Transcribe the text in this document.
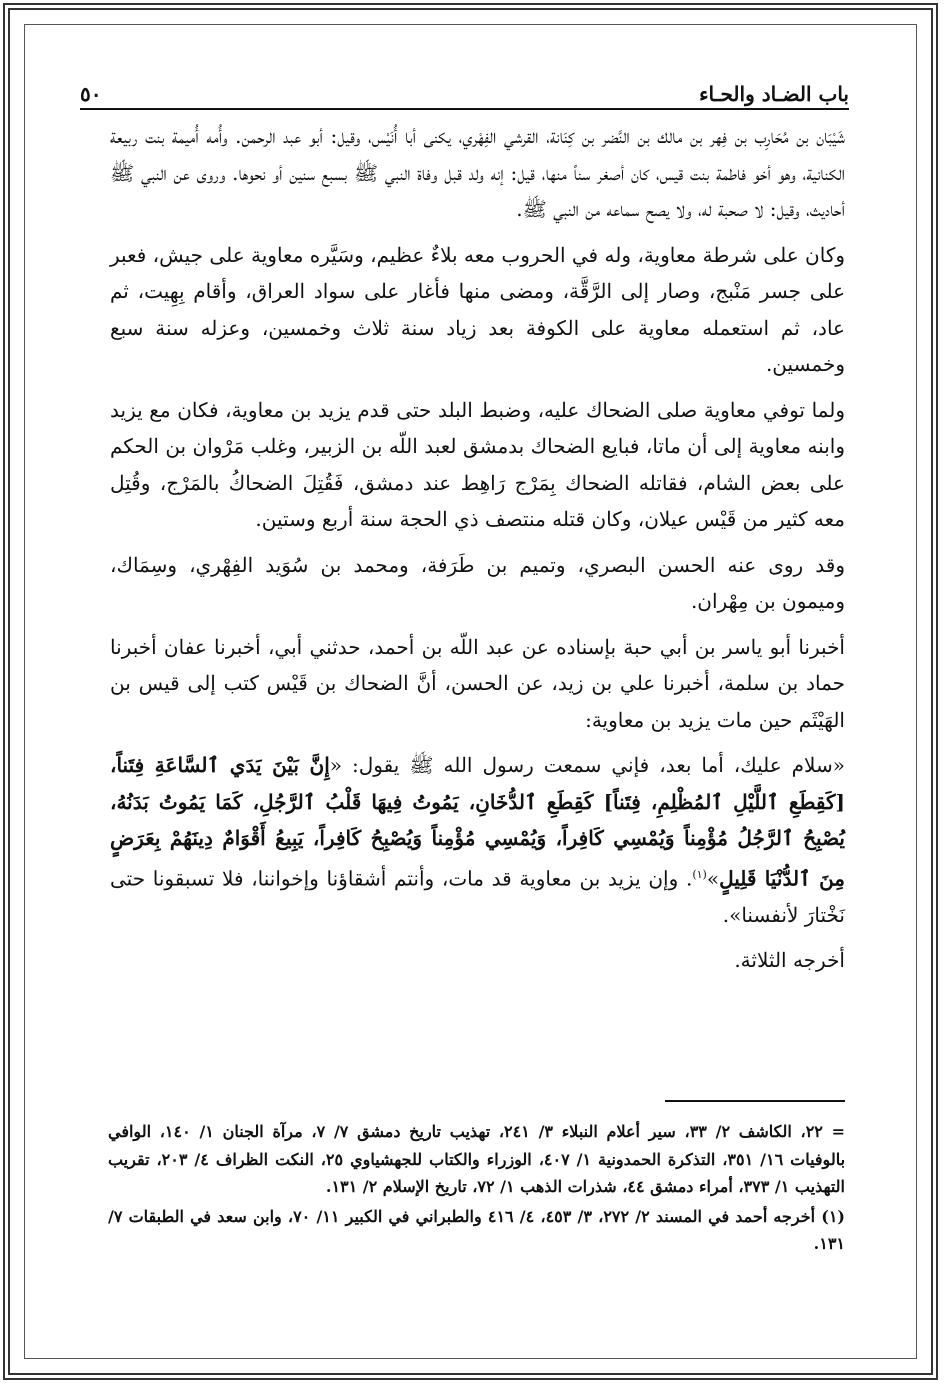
باب الضـاد والحـاء
٥٠

شَيْبَان بن مُحَارِب بن فِهر بن مالك بن النَّضر بن كِنَانة، القرشي الفِهْري، يكنى أبا أُنَيْس، وقيل: أبو عبد الرحمن. وأُمه أُميمة بنت ربيعة الكنانية، وهو أخو فاطمة بنت قيس، كان أصغر سناً منها، قيل: إنه ولد قبل وفاة النبي ﷺ بسبع سنين أو نحوها. وروى عن النبي ﷺ أحاديث، وقيل: لا صحبة له، ولا يصح سماعه من النبي ﷺ.

وكان على شرطة معاوية، وله في الحروب معه بلاءٌ عظيم، وسَيَّره معاوية على جيش، فعبر على جسر مَنْبج، وصار إلى الرَّقَّة، ومضى منها فأغار على سواد العراق، وأقام بِهِيت، ثم عاد، ثم استعمله معاوية على الكوفة بعد زياد سنة ثلاث وخمسين، وعزله سنة سبع وخمسين.

ولما توفي معاوية صلى الضحاك عليه، وضبط البلد حتى قدم يزيد بن معاوية، فكان مع يزيد وابنه معاوية إلى أن ماتا، فبايع الضحاك بدمشق لعبد اللّه بن الزبير، وغلب مَرْوان بن الحكم على بعض الشام، فقاتله الضحاك بِمَرْج رَاهِط عند دمشق، فَقُتِلَ الضحاكُ بالمَرْج، وقُتِل معه كثير من قَيْس عيلان، وكان قتله منتصف ذي الحجة سنة أربع وستين.

وقد روى عنه الحسن البصري، وتميم بن طَرَفة، ومحمد بن سُوَيد الفِهْري، وسِمَاك، وميمون بن مِهْران.

أخبرنا أبو ياسر بن أبي حبة بإسناده عن عبد اللّه بن أحمد، حدثني أبي، أخبرنا عفان أخبرنا حماد بن سلمة، أخبرنا علي بن زيد، عن الحسن، أنَّ الضحاك بن قَيْس كتب إلى قيس بن الهَيْثَم حين مات يزيد بن معاوية:

«سلام عليك، أما بعد، فإني سمعت رسول الله ﷺ يقول: «إِنَّ بَيْنَ يَدَي ٱلسَّاعَةِ فِتَناً، [كَقِطَعِ ٱللَّيْلِ ٱلمُظْلِمِ، فِتَناً] كَقِطَعِ ٱلدُّخَانِ، يَمُوتُ فِيهَا قَلْبُ ٱلرَّجُلِ، كَمَا يَمُوتُ بَدَنُهُ، يُصْبِحُ ٱلرَّجُلُ مُؤْمِناً وَيُمْسِي كَافِراً، وَيُمْسِي مُؤْمِناً وَيُصْبِحُ كَافِراً، يَبِيعُ أَقْوَامٌ دِينَهُمْ بِعَرَضٍ مِنَ ٱلدُّنْيَا قَلِيلٍ»$^{(١)}$. وإن يزيد بن معاوية قد مات، وأنتم أشقاؤنا وإخواننا، فلا تسبقونا حتى نَخْتارَ لأنفسنا».

أخرجه الثلاثة.

= ٢٢، الكاشف ٢/ ٣٣، سير أعلام النبلاء ٣/ ٢٤١، تهذيب تاريخ دمشق ٧/ ٧، مرآة الجنان ١/ ١٤٠، الوافي بالوفيات ١٦/ ٣٥١، التذكرة الحمدونية ١/ ٤٠٧، الوزراء والكتاب للجهشياوي ٢٥، النكت الظراف ٤/ ٢٠٣، تقريب التهذيب ١/ ٣٧٣، أمراء دمشق ٤٤، شذرات الذهب ١/ ٧٢، تاريخ الإسلام ٢/ ١٣١.

(١) أخرجه أحمد في المسند ٢/ ٢٧٢، ٣/ ٤٥٣، ٤/ ٤١٦ والطبراني في الكبير ١١/ ٧٠، وابن سعد في الطبقات ٧/ ١٣١.
